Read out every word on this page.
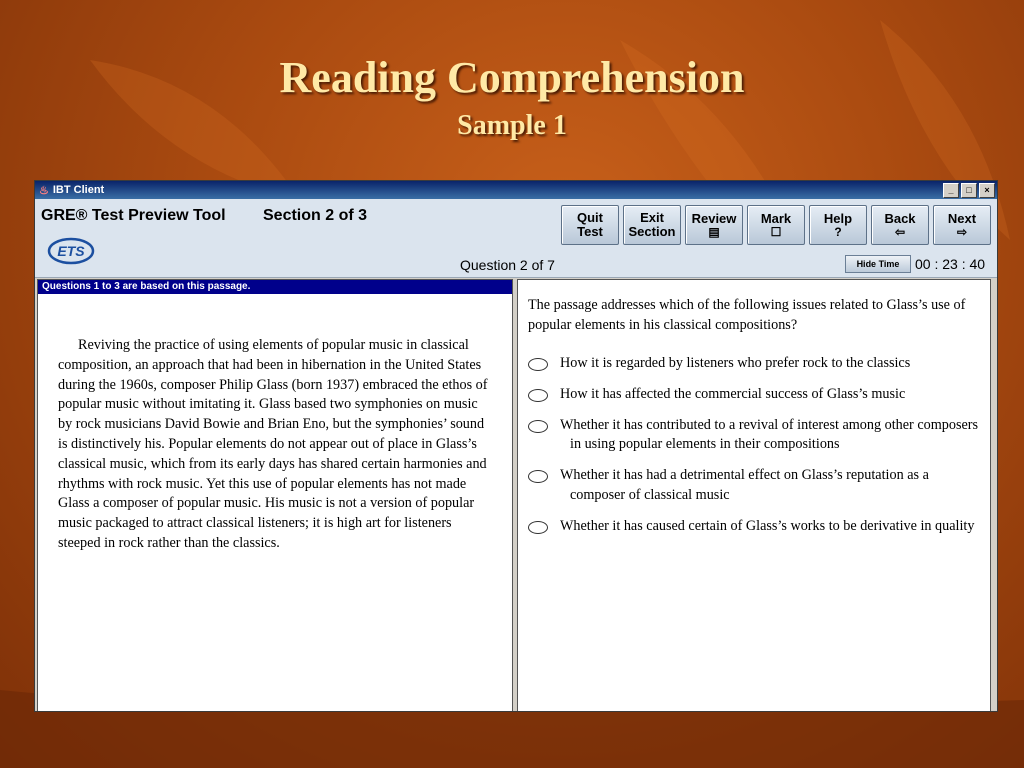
Reading Comprehension
Sample 1
♨ IBT Client	_	□	×
GRE® Test Preview Tool Section 2 of 3
ETS
Quit
Test
Exit
Section
Review
▤
Mark
☐
Help
?
Back
⇦
Next
⇨
Question 2 of 7	Hide Time	00 : 23 : 40
Questions 1 to 3 are based on this passage.

Reviving the practice of using elements of popular music in classical composition, an approach that had been in hibernation in the United States during the 1960s, composer Philip Glass (born 1937) embraced the ethos of popular music without imitating it. Glass based two symphonies on music by rock musicians David Bowie and Brian Eno, but the symphonies’ sound is distinctively his. Popular elements do not appear out of place in Glass’s classical music, which from its early days has shared certain harmonies and rhythms with rock music. Yet this use of popular elements has not made Glass a composer of popular music. His music is not a version of popular music packaged to attract classical listeners; it is high art for listeners steeped in rock rather than the classics.

The passage addresses which of the following issues related to Glass’s use of popular elements in his classical compositions?

How it is regarded by listeners who prefer rock to the classics
How it has affected the commercial success of Glass’s music
Whether it has contributed to a revival of interest among other composers in using popular elements in their compositions
Whether it has had a detrimental effect on Glass’s reputation as a composer of classical music
Whether it has caused certain of Glass’s works to be derivative in quality
